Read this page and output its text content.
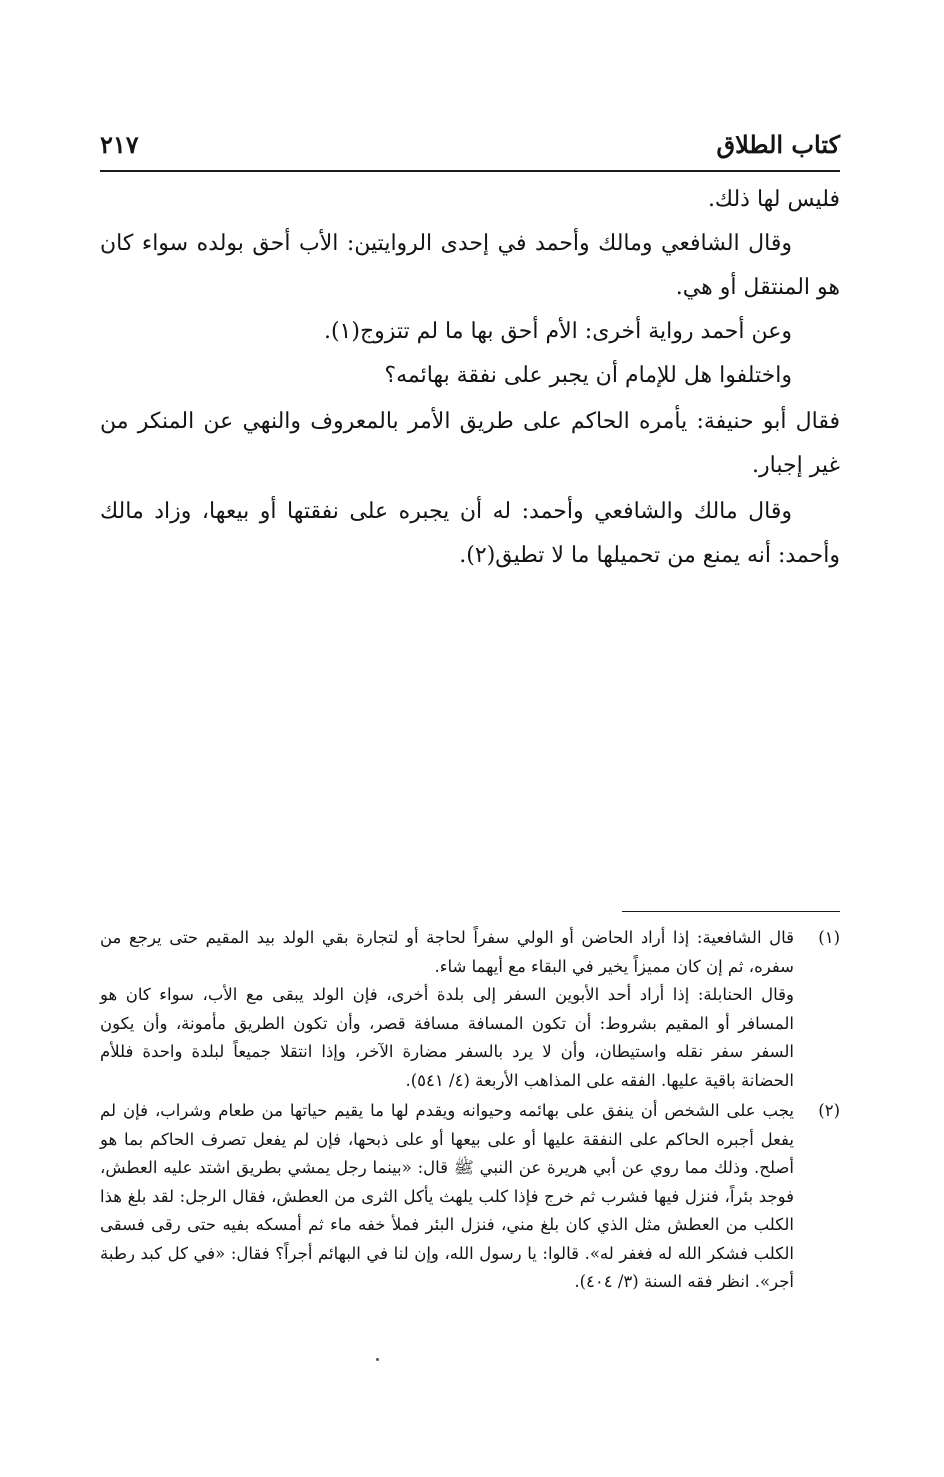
كتاب الطلاق
٢١٧

فليس لها ذلك.

وقال الشافعي ومالك وأحمد في إحدى الروايتين: الأب أحق بولده سواء كان هو المنتقل أو هي.

وعن أحمد رواية أخرى: الأم أحق بها ما لم تتزوج(١).

واختلفوا هل للإمام أن يجبر على نفقة بهائمه؟

فقال أبو حنيفة: يأمره الحاكم على طريق الأمر بالمعروف والنهي عن المنكر من غير إجبار.

وقال مالك والشافعي وأحمد: له أن يجبره على نفقتها أو بيعها، وزاد مالك وأحمد: أنه يمنع من تحميلها ما لا تطيق(٢).

(١)

قال الشافعية: إذا أراد الحاضن أو الولي سفراً لحاجة أو لتجارة بقي الولد بيد المقيم حتى يرجع من سفره، ثم إن كان مميزاً يخير في البقاء مع أيهما شاء.

وقال الحنابلة: إذا أراد أحد الأبوين السفر إلى بلدة أخرى، فإن الولد يبقى مع الأب، سواء كان هو المسافر أو المقيم بشروط: أن تكون المسافة مسافة قصر، وأن تكون الطريق مأمونة، وأن يكون السفر سفر نقله واستيطان، وأن لا يرد بالسفر مضارة الآخر، وإذا انتقلا جميعاً لبلدة واحدة فللأم الحضانة باقية عليها. الفقه على المذاهب الأربعة (٤/ ٥٤١).

(٢)

يجب على الشخص أن ينفق على بهائمه وحيوانه ويقدم لها ما يقيم حياتها من طعام وشراب، فإن لم يفعل أجبره الحاكم على النفقة عليها أو على بيعها أو على ذبحها، فإن لم يفعل تصرف الحاكم بما هو أصلح. وذلك مما روي عن أبي هريرة عن النبي ﷺ قال: «بينما رجل يمشي بطريق اشتد عليه العطش، فوجد بئراً، فنزل فيها فشرب ثم خرج فإذا كلب يلهث يأكل الثرى من العطش، فقال الرجل: لقد بلغ هذا الكلب من العطش مثل الذي كان بلغ مني، فنزل البئر فملأ خفه ماء ثم أمسكه بفيه حتى رقى فسقى الكلب فشكر الله له فغفر له». قالوا: يا رسول الله، وإن لنا في البهائم أجراً؟ فقال: «في كل كبد رطبة أجر». انظر فقه السنة (٣/ ٤٠٤).
